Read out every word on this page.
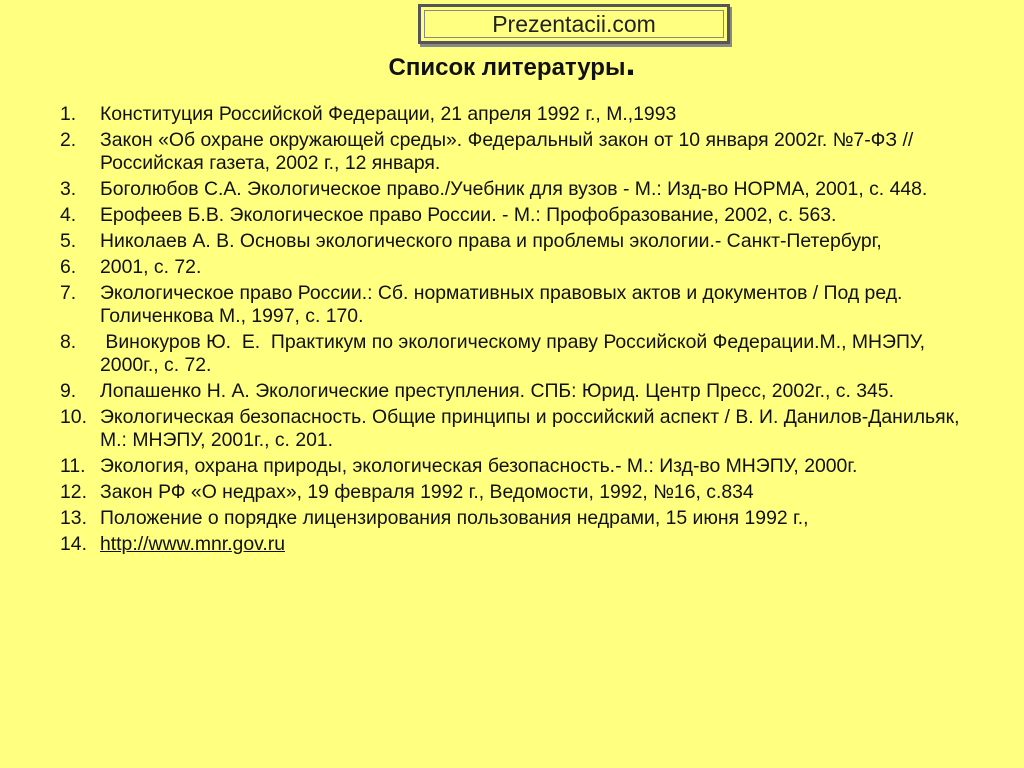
Prezentacii.com
Список литературы.
1.	Конституция Российской Федерации, 21 апреля 1992 г., М.,1993
2.	Закон «Об охране окружающей среды». Федеральный закон от 10 января 2002г. №7-ФЗ //Российская газета, 2002 г., 12 января.
3.	Боголюбов С.А. Экологическое право./Учебник для вузов - М.: Изд-во НОРМА, 2001, с. 448.
4.	Ерофеев Б.В. Экологическое право России. - М.: Профобразование, 2002, с. 563.
5.	Николаев А. В. Основы экологического права и проблемы экологии.- Санкт-Петербург,
6.	2001, с. 72.
7.	Экологическое право России.: Сб. нормативных правовых актов и документов / Под ред. Голиченкова М., 1997, с. 170.
8.	Винокуров Ю.  Е.  Практикум по экологическому праву Российской Федерации.М., МНЭПУ, 2000г., с. 72.
9.	Лопашенко Н. А. Экологические преступления. СПБ: Юрид. Центр Пресс, 2002г., с. 345.
10. Экологическая безопасность. Общие принципы и российский аспект / В. И. Данилов-Данильяк, М.: МНЭПУ, 2001г., с. 201.
11. Экология, охрана природы, экологическая безопасность.- М.: Изд-во МНЭПУ, 2000г.
12. Закон РФ «О недрах», 19 февраля 1992 г., Ведомости, 1992, №16, с.834
13. Положение о порядке лицензирования пользования недрами, 15 июня 1992 г.,
14. http://www.mnr.gov.ru
